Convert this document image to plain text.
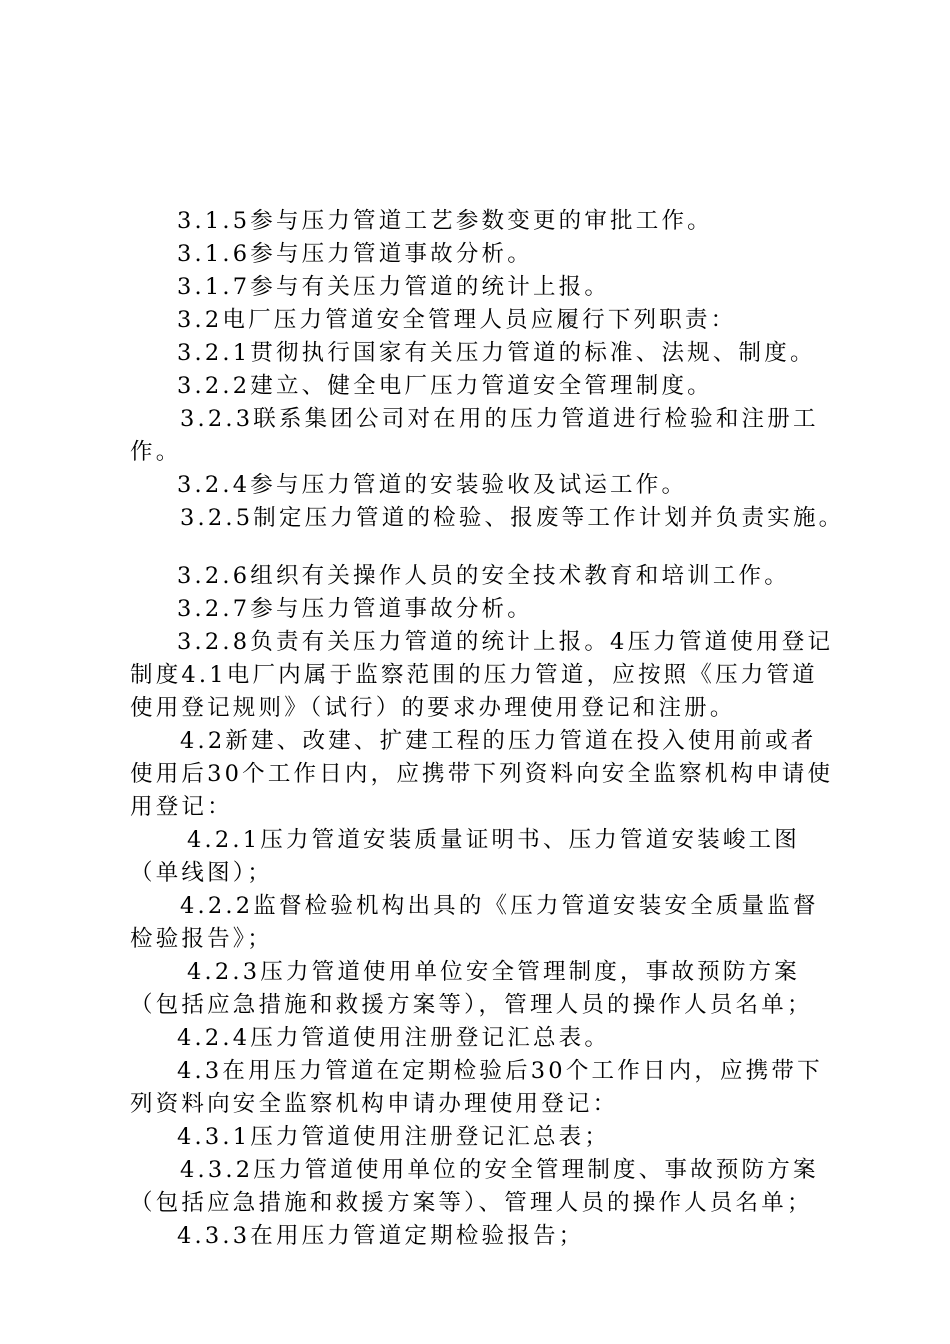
3.1.5参与压力管道工艺参数变更的审批工作。
3.1.6参与压力管道事故分析。
3.1.7参与有关压力管道的统计上报。
3.2电厂压力管道安全管理人员应履行下列职责：
3.2.1贯彻执行国家有关压力管道的标准、法规、制度。
3.2.2建立、健全电厂压力管道安全管理制度。
3.2.3联系集团公司对在用的压力管道进行检验和注册工
作。
3.2.4参与压力管道的安装验收及试运工作。
3.2.5制定压力管道的检验、报废等工作计划并负责实施。
3.2.6组织有关操作人员的安全技术教育和培训工作。
3.2.7参与压力管道事故分析。
3.2.8负责有关压力管道的统计上报。4压力管道使用登记
制度4.1电厂内属于监察范围的压力管道，应按照《压力管道
使用登记规则》（试行）的要求办理使用登记和注册。
4.2新建、改建、扩建工程的压力管道在投入使用前或者
使用后30个工作日内，应携带下列资料向安全监察机构申请使
用登记：
4.2.1压力管道安装质量证明书、压力管道安装峻工图
（单线图）；
4.2.2监督检验机构出具的《压力管道安装安全质量监督
检验报告》；
4.2.3压力管道使用单位安全管理制度，事故预防方案
（包括应急措施和救援方案等），管理人员的操作人员名单；
4.2.4压力管道使用注册登记汇总表。
4.3在用压力管道在定期检验后30个工作日内，应携带下
列资料向安全监察机构申请办理使用登记：
4.3.1压力管道使用注册登记汇总表；
4.3.2压力管道使用单位的安全管理制度、事故预防方案
（包括应急措施和救援方案等）、管理人员的操作人员名单；
4.3.3在用压力管道定期检验报告；
